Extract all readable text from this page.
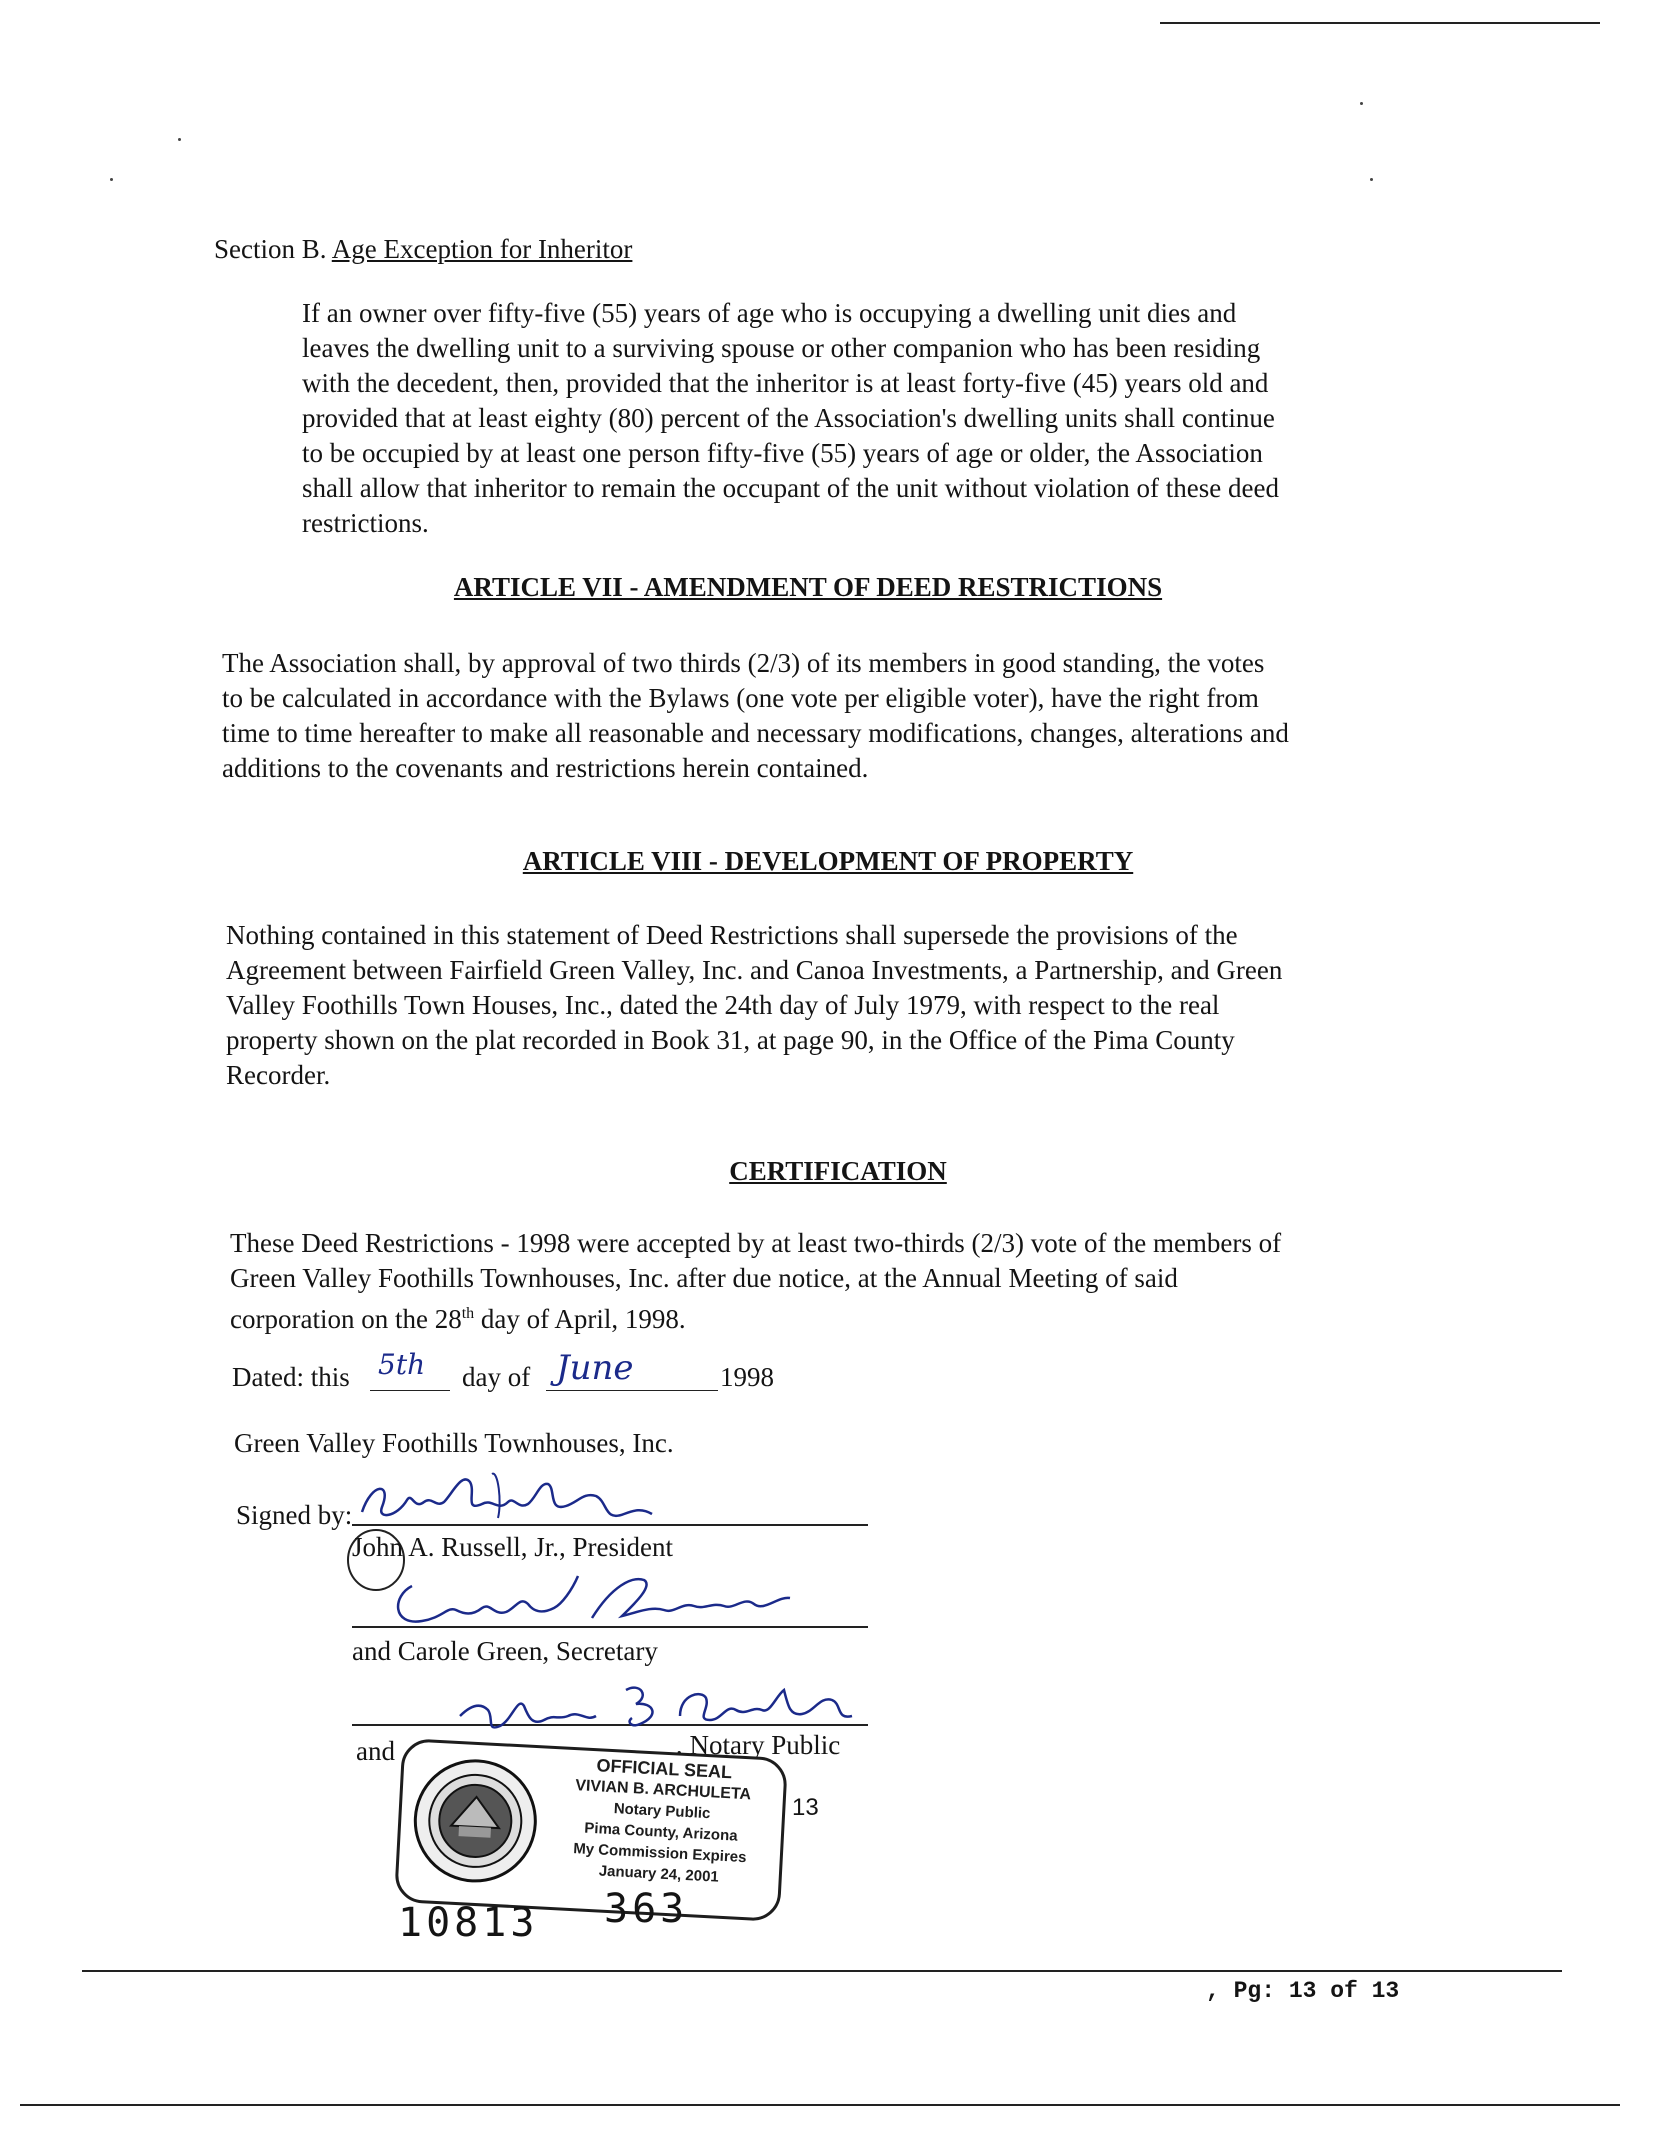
Section B. Age Exception for Inheritor
If an owner over fifty-five (55) years of age who is occupying a dwelling unit dies and
leaves the dwelling unit to a surviving spouse or other companion who has been residing
with the decedent, then, provided that the inheritor is at least forty-five (45) years old and
provided that at least eighty (80) percent of the Association's dwelling units shall continue
to be occupied by at least one person fifty-five (55) years of age or older, the Association
shall allow that inheritor to remain the occupant of the unit without violation of these deed
restrictions.
ARTICLE VII - AMENDMENT OF DEED RESTRICTIONS
The Association shall, by approval of two thirds (2/3) of its members in good standing, the votes
to be calculated in accordance with the Bylaws (one vote per eligible voter), have the right from
time to time hereafter to make all reasonable and necessary modifications, changes, alterations and
additions to the covenants and restrictions herein contained.
ARTICLE VIII - DEVELOPMENT OF PROPERTY
Nothing contained in this statement of Deed Restrictions shall supersede the provisions of the
Agreement between Fairfield Green Valley, Inc. and Canoa Investments, a Partnership, and Green
Valley Foothills Town Houses, Inc., dated the 24th day of July 1979, with respect to the real
property shown on the plat recorded in Book 31, at page 90, in the Office of the Pima County
Recorder.
CERTIFICATION
These Deed Restrictions - 1998 were accepted by at least two-thirds (2/3) vote of the members of
Green Valley Foothills Townhouses, Inc. after due notice, at the Annual Meeting of said
corporation on the 28th day of April, 1998.
Dated: this 5th day of June	1998
Green Valley Foothills Townhouses, Inc.
Signed by:
John A. Russell, Jr., President
and Carole Green, Secretary
and	, Notary Public
OFFICIAL SEAL
VIVIAN B. ARCHULETA
Notary Public
Pima County, Arizona
My Commission Expires
January 24, 2001
13
10813 363
, Pg: 13 of 13
